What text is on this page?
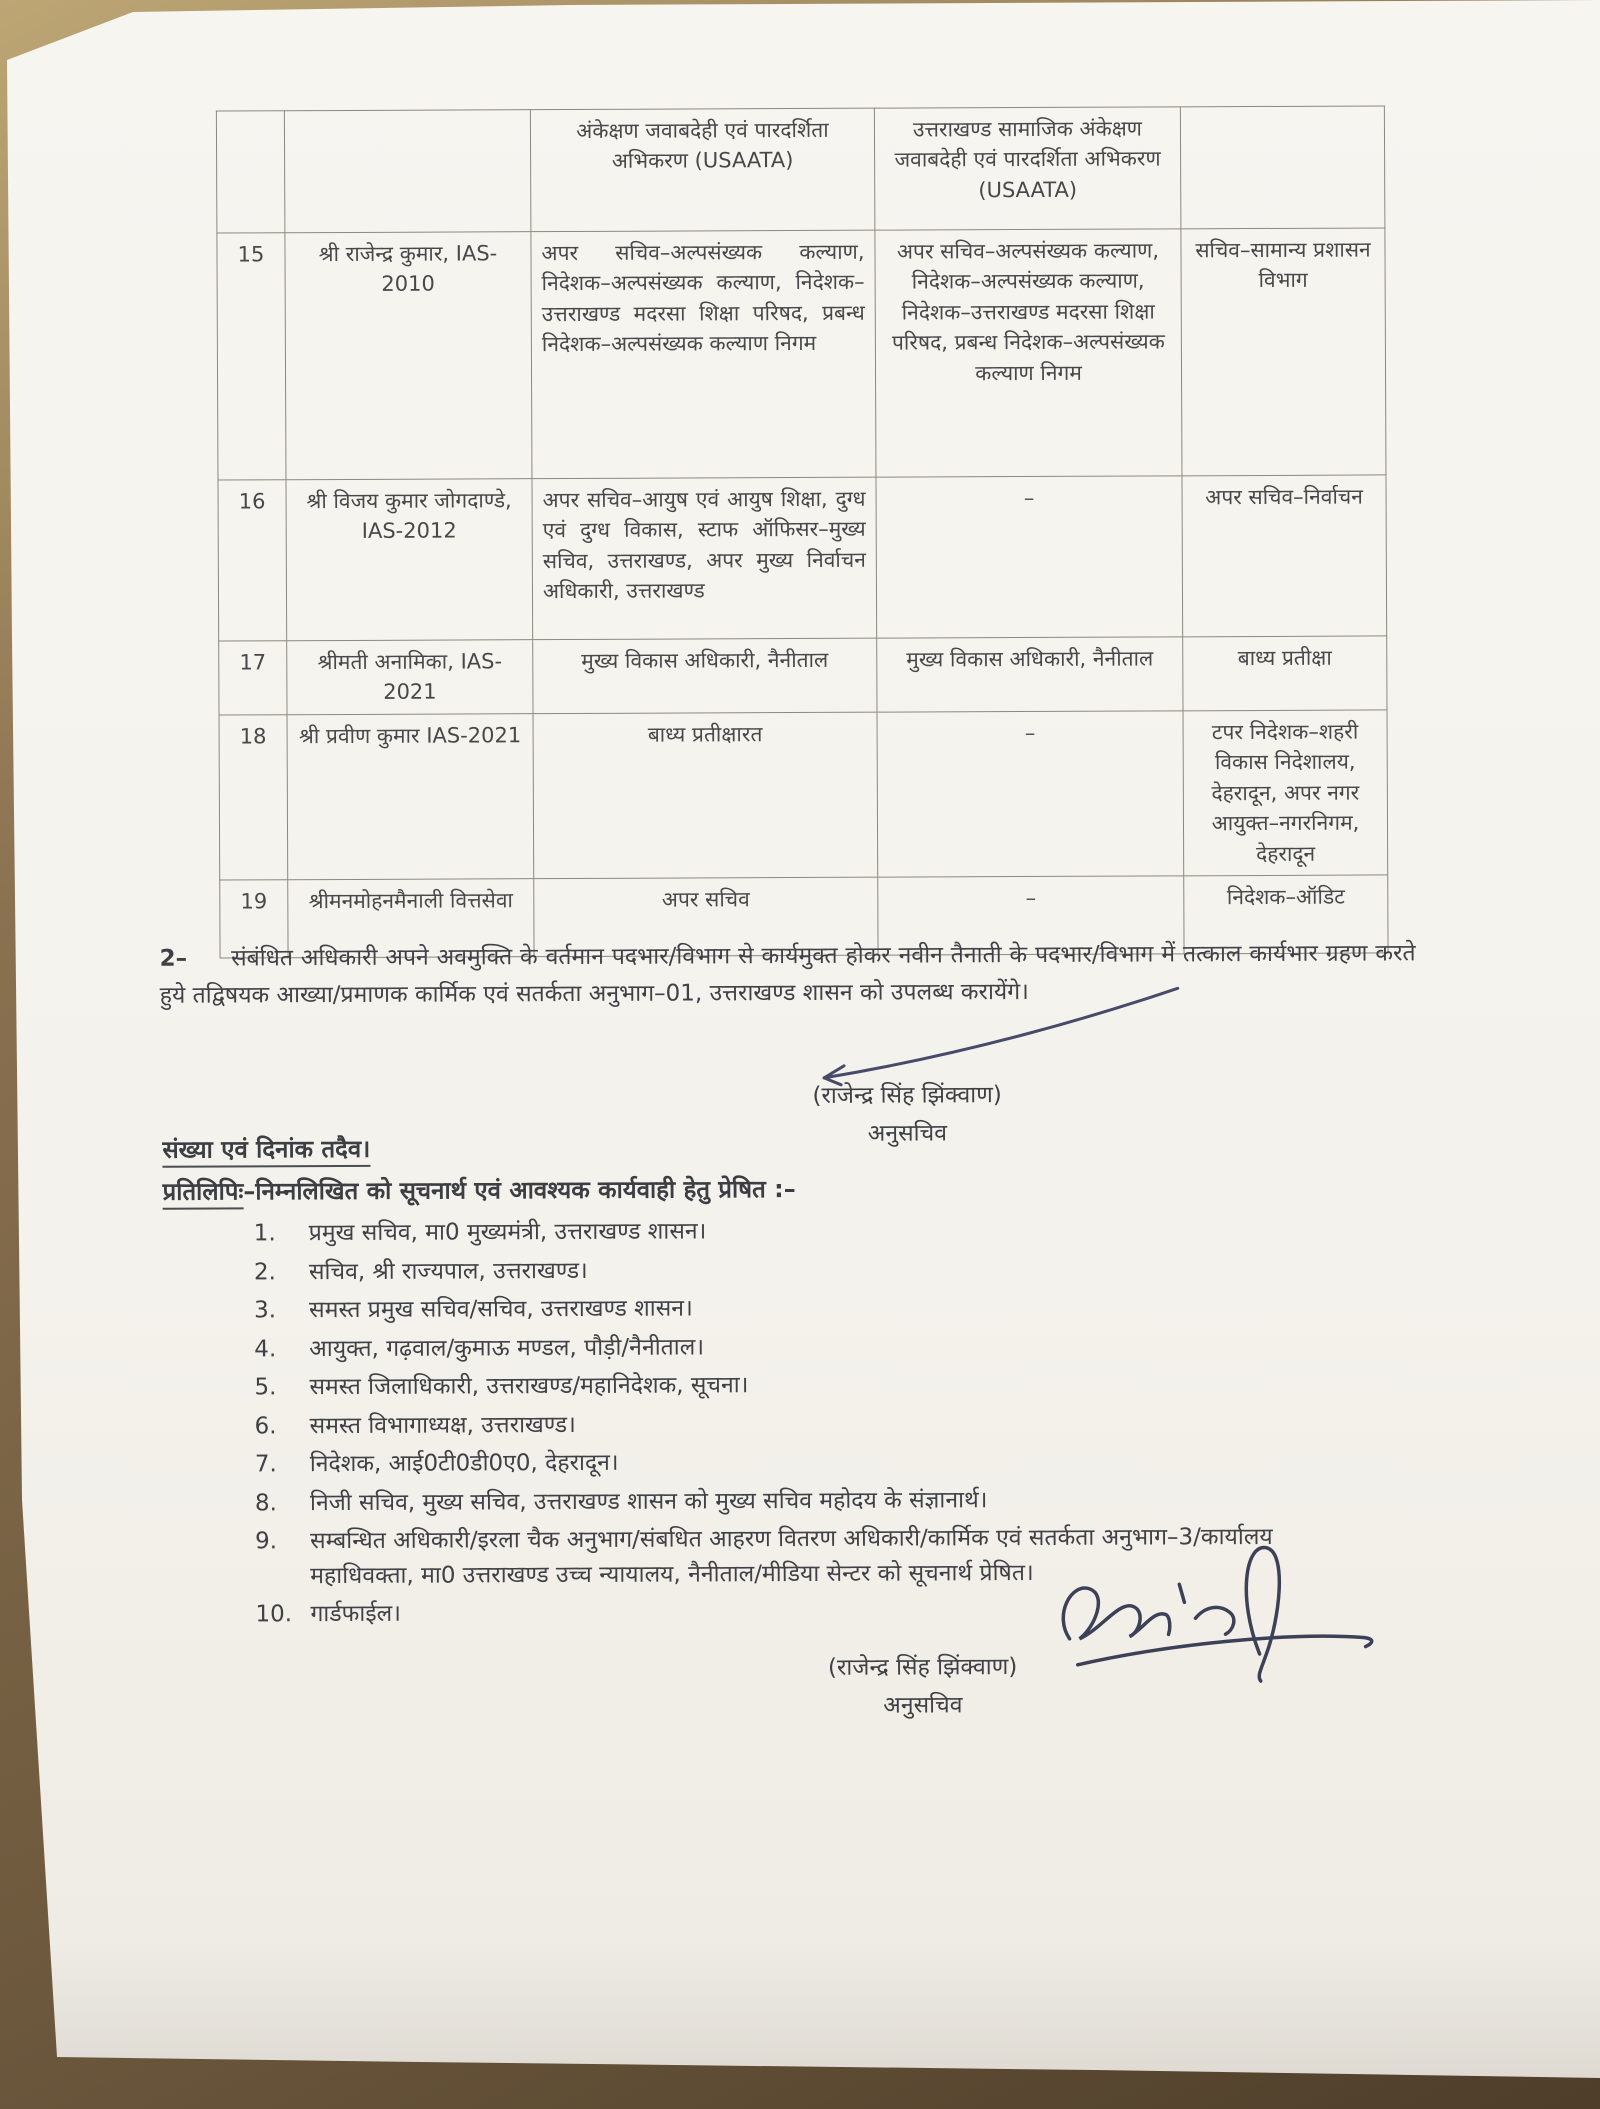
		अंकेक्षण जवाबदेही एवं पारदर्शिता अभिकरण (USAATA)	उत्तराखण्ड सामाजिक अंकेक्षण जवाबदेही एवं पारदर्शिता अभिकरण (USAATA)	
15	श्री राजेन्द्र कुमार, IAS-2010	अपर सचिव–अल्पसंख्यक कल्याण, निदेशक–अल्पसंख्यक कल्याण, निदेशक–उत्तराखण्ड मदरसा शिक्षा परिषद, प्रबन्ध निदेशक–अल्पसंख्यक कल्याण निगम	अपर सचिव–अल्पसंख्यक कल्याण, निदेशक–अल्पसंख्यक कल्याण, निदेशक–उत्तराखण्ड मदरसा शिक्षा परिषद, प्रबन्ध निदेशक–अल्पसंख्यक कल्याण निगम	सचिव–सामान्य प्रशासन विभाग
16	श्री विजय कुमार जोगदाण्डे, IAS-2012	अपर सचिव–आयुष एवं आयुष शिक्षा, दुग्ध एवं दुग्ध विकास, स्टाफ ऑफिसर–मुख्य सचिव, उत्तराखण्ड, अपर मुख्य निर्वाचन अधिकारी, उत्तराखण्ड	–	अपर सचिव–निर्वाचन
17	श्रीमती अनामिका, IAS-2021	मुख्य विकास अधिकारी, नैनीताल	मुख्य विकास अधिकारी, नैनीताल	बाध्य प्रतीक्षा
18	श्री प्रवीण कुमार IAS-2021	बाध्य प्रतीक्षारत	–	टपर निदेशक–शहरी विकास निदेशालय, देहरादून, अपर नगर आयुक्त–नगरनिगम, देहरादून
19	श्रीमनमोहनमैनाली वित्तसेवा	अपर सचिव	–	निदेशक–ऑडिट
2– संबंधित अधिकारी अपने अवमुक्ति के वर्तमान पदभार/विभाग से कार्यमुक्त होकर नवीन तैनाती के पदभार/विभाग में तत्काल कार्यभार ग्रहण करते हुये तद्विषयक आख्या/प्रमाणक कार्मिक एवं सतर्कता अनुभाग–01, उत्तराखण्ड शासन को उपलब्ध करायेंगे।
(राजेन्द्र सिंह झिंक्वाण)
अनुसचिव
संख्या एवं दिनांक तदैव।
प्रतिलिपिः–निम्नलिखित को सूचनार्थ एवं आवश्यक कार्यवाही हेतु प्रेषित :–
1.	प्रमुख सचिव, मा0 मुख्यमंत्री, उत्तराखण्ड शासन।
2.	सचिव, श्री राज्यपाल, उत्तराखण्ड।
3.	समस्त प्रमुख सचिव/सचिव, उत्तराखण्ड शासन।
4.	आयुक्त, गढ़वाल/कुमाऊ मण्डल, पौड़ी/नैनीताल।
5.	समस्त जिलाधिकारी, उत्तराखण्ड/महानिदेशक, सूचना।
6.	समस्त विभागाध्यक्ष, उत्तराखण्ड।
7.	निदेशक, आई0टी0डी0ए0, देहरादून।
8.	निजी सचिव, मुख्य सचिव, उत्तराखण्ड शासन को मुख्य सचिव महोदय के संज्ञानार्थ।
9.	सम्बन्धित अधिकारी/इरला चैक अनुभाग/संबधित आहरण वितरण अधिकारी/कार्मिक एवं सतर्कता अनुभाग–3/कार्यालय महाधिवक्ता, मा0 उत्तराखण्ड उच्च न्यायालय, नैनीताल/मीडिया सेन्टर को सूचनार्थ प्रेषित।
10. गार्डफाईल।
(राजेन्द्र सिंह झिंक्वाण)
अनुसचिव
